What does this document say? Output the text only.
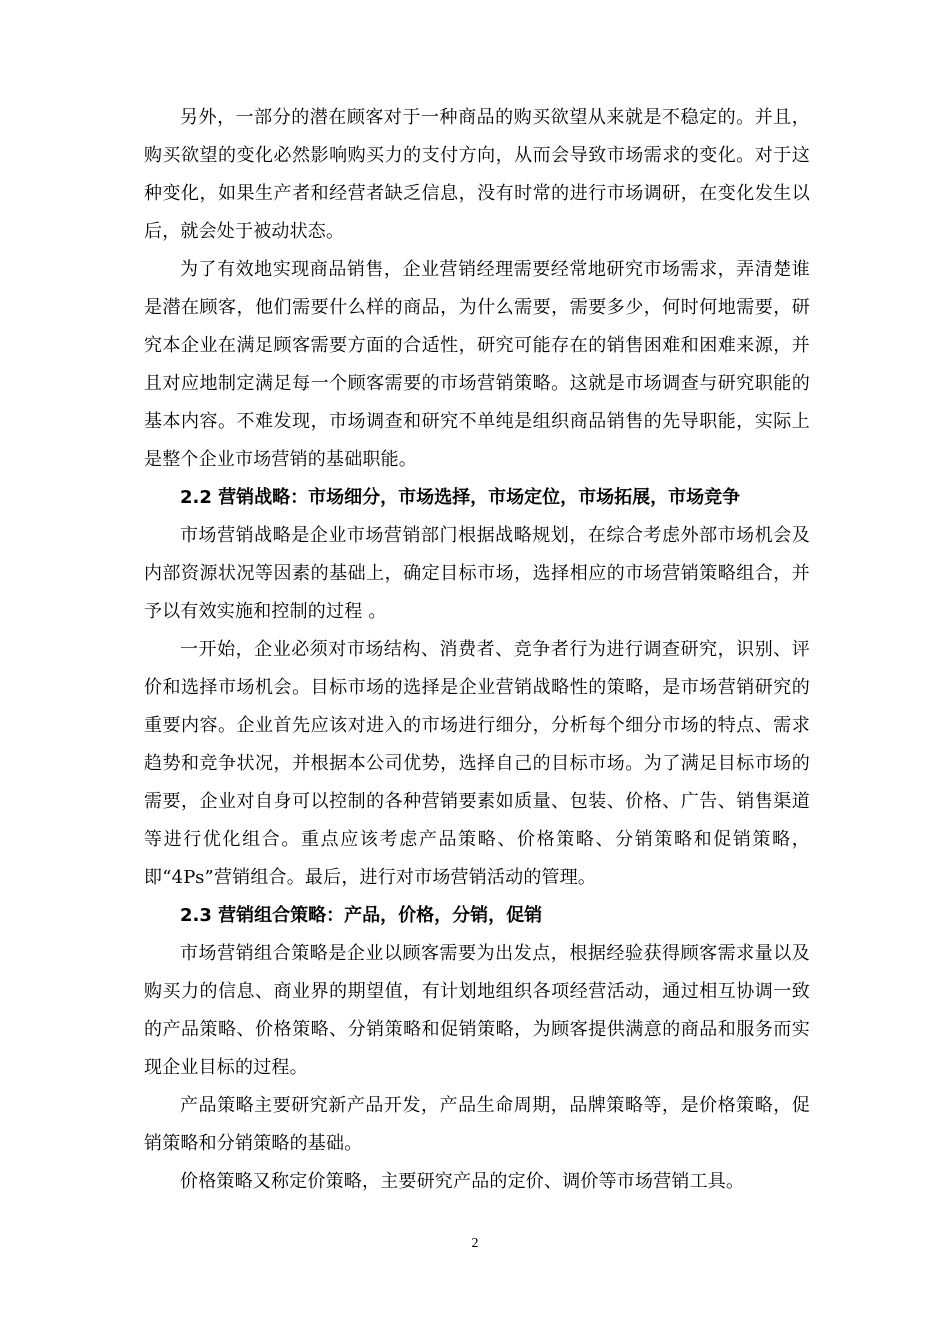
另外，一部分的潜在顾客对于一种商品的购买欲望从来就是不稳定的。并且，购买欲望的变化必然影响购买力的支付方向，从而会导致市场需求的变化。对于这种变化，如果生产者和经营者缺乏信息，没有时常的进行市场调研，在变化发生以后，就会处于被动状态。

为了有效地实现商品销售，企业营销经理需要经常地研究市场需求，弄清楚谁是潜在顾客，他们需要什么样的商品，为什么需要，需要多少，何时何地需要，研究本企业在满足顾客需要方面的合适性，研究可能存在的销售困难和困难来源，并且对应地制定满足每一个顾客需要的市场营销策略。这就是市场调查与研究职能的基本内容。不难发现，市场调查和研究不单纯是组织商品销售的先导职能，实际上是整个企业市场营销的基础职能。

2.2 营销战略：市场细分，市场选择，市场定位，市场拓展，市场竞争

市场营销战略是企业市场营销部门根据战略规划，在综合考虑外部市场机会及内部资源状况等因素的基础上，确定目标市场，选择相应的市场营销策略组合，并予以有效实施和控制的过程 。

一开始，企业必须对市场结构、消费者、竞争者行为进行调查研究，识别、评价和选择市场机会。目标市场的选择是企业营销战略性的策略，是市场营销研究的重要内容。企业首先应该对进入的市场进行细分，分析每个细分市场的特点、需求趋势和竞争状况，并根据本公司优势，选择自己的目标市场。为了满足目标市场的需要，企业对自身可以控制的各种营销要素如质量、包装、价格、广告、销售渠道等进行优化组合。重点应该考虑产品策略、价格策略、分销策略和促销策略，即“4Ps”营销组合。最后，进行对市场营销活动的管理。

2.3 营销组合策略：产品，价格，分销，促销

市场营销组合策略是企业以顾客需要为出发点，根据经验获得顾客需求量以及购买力的信息、商业界的期望值，有计划地组织各项经营活动，通过相互协调一致的产品策略、价格策略、分销策略和促销策略，为顾客提供满意的商品和服务而实现企业目标的过程。

产品策略主要研究新产品开发，产品生命周期，品牌策略等，是价格策略，促销策略和分销策略的基础。

价格策略又称定价策略，主要研究产品的定价、调价等市场营销工具。

2
